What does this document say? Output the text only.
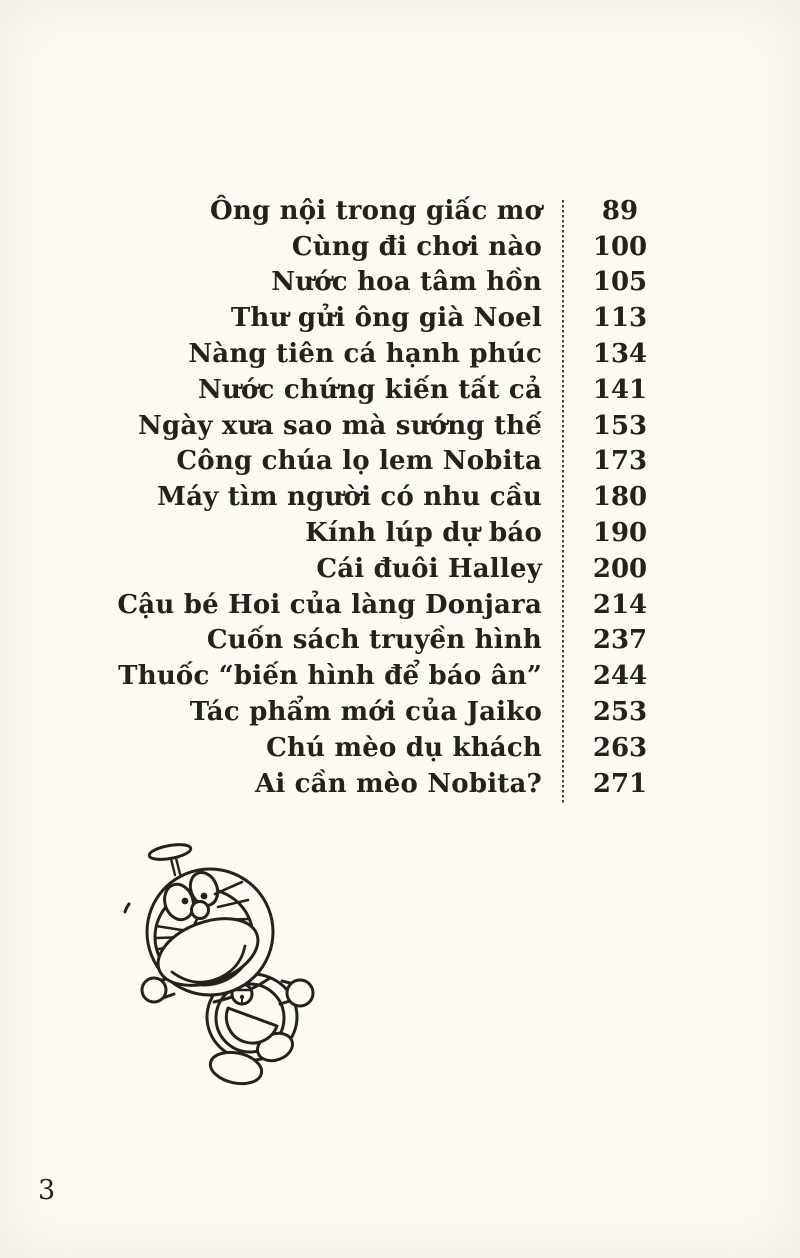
Ông nội trong giấc mơ	89
Cùng đi chơi nào	100
Nước hoa tâm hồn	105
Thư gửi ông già Noel	113
Nàng tiên cá hạnh phúc	134
Nước chứng kiến tất cả	141
Ngày xưa sao mà sướng thế	153
Công chúa lọ lem Nobita	173
Máy tìm người có nhu cầu	180
Kính lúp dự báo	190
Cái đuôi Halley	200
Cậu bé Hoi của làng Donjara	214
Cuốn sách truyền hình	237
Thuốc “biến hình để báo ân”	244
Tác phẩm mới của Jaiko	253
Chú mèo dụ khách	263
Ai cần mèo Nobita?	271
3
